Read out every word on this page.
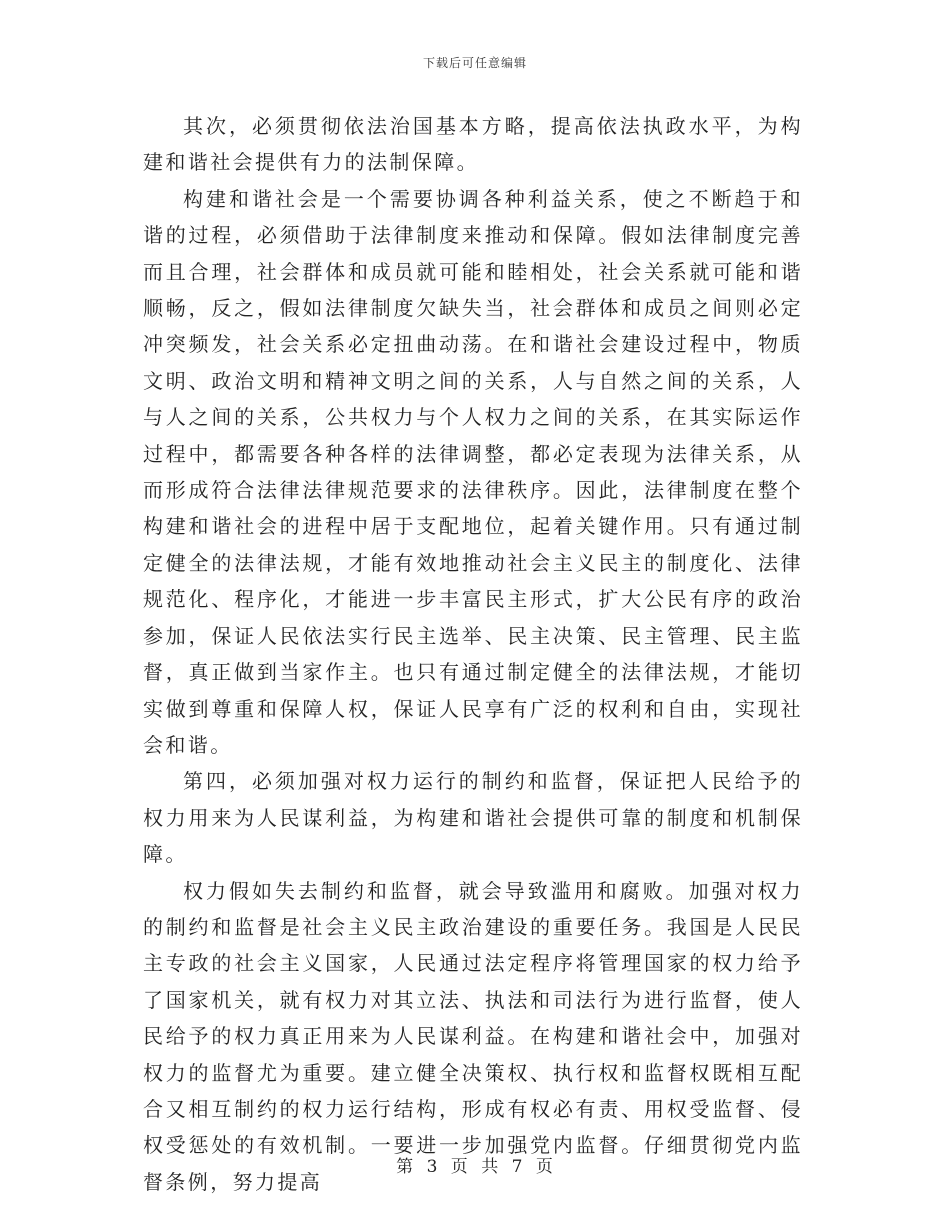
下载后可任意编辑

其次，必须贯彻依法治国基本方略，提高依法执政水平，为构建和谐社会提供有力的法制保障。

构建和谐社会是一个需要协调各种利益关系，使之不断趋于和谐的过程，必须借助于法律制度来推动和保障。假如法律制度完善而且合理，社会群体和成员就可能和睦相处，社会关系就可能和谐顺畅，反之，假如法律制度欠缺失当，社会群体和成员之间则必定冲突频发，社会关系必定扭曲动荡。在和谐社会建设过程中，物质文明、政治文明和精神文明之间的关系，人与自然之间的关系，人与人之间的关系，公共权力与个人权力之间的关系，在其实际运作过程中，都需要各种各样的法律调整，都必定表现为法律关系，从而形成符合法律法律规范要求的法律秩序。因此，法律制度在整个构建和谐社会的进程中居于支配地位，起着关键作用。只有通过制定健全的法律法规，才能有效地推动社会主义民主的制度化、法律规范化、程序化，才能进一步丰富民主形式，扩大公民有序的政治参加，保证人民依法实行民主选举、民主决策、民主管理、民主监督，真正做到当家作主。也只有通过制定健全的法律法规，才能切实做到尊重和保障人权，保证人民享有广泛的权利和自由，实现社会和谐。

第四，必须加强对权力运行的制约和监督，保证把人民给予的权力用来为人民谋利益，为构建和谐社会提供可靠的制度和机制保障。

权力假如失去制约和监督，就会导致滥用和腐败。加强对权力的制约和监督是社会主义民主政治建设的重要任务。我国是人民民主专政的社会主义国家，人民通过法定程序将管理国家的权力给予了国家机关，就有权力对其立法、执法和司法行为进行监督，使人民给予的权力真正用来为人民谋利益。在构建和谐社会中，加强对权力的监督尤为重要。建立健全决策权、执行权和监督权既相互配合又相互制约的权力运行结构，形成有权必有责、用权受监督、侵权受惩处的有效机制。一要进一步加强党内监督。仔细贯彻党内监督条例，努力提高

第 3 页 共 7 页
